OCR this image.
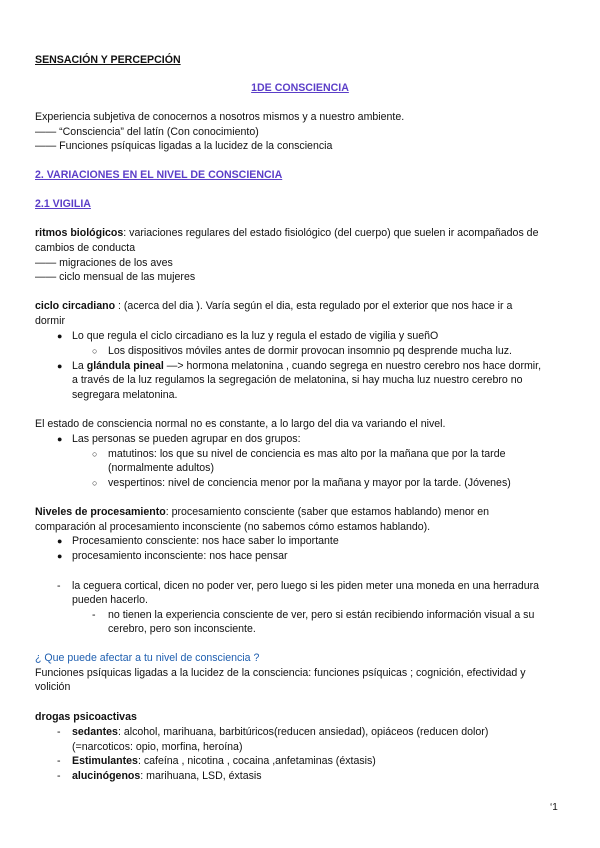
SENSACIÓN Y PERCEPCIÓN
1DE CONSCIENCIA
Experiencia subjetiva de conocernos a nosotros mismos y a nuestro ambiente.
—— “Consciencia” del latín (Con conocimiento)
—— Funciones psíquicas ligadas a la lucidez de la consciencia
2. VARIACIONES EN EL NIVEL DE CONSCIENCIA
2.1 VIGILIA
ritmos biológicos: variaciones regulares del estado fisiológico (del cuerpo) que suelen ir acompañados de
cambios de conducta
—— migraciones de los aves
—— ciclo mensual de las mujeres
ciclo circadiano : (acerca del dia ). Varía según el dia, esta regulado por el exterior que nos hace ir a
dormir
● Lo que regula el ciclo circadiano es la luz y regula el estado de vigilia y sueñO
○ Los dispositivos móviles antes de dormir provocan insomnio pq desprende mucha luz.
● La glándula pineal —> hormona melatonina , cuando segrega en nuestro cerebro nos hace dormir,
a través de la luz regulamos la segregación de melatonina, si hay mucha luz nuestro cerebro no
segregara melatonina.
El estado de consciencia normal no es constante, a lo largo del dia va variando el nivel.
● Las personas se pueden agrupar en dos grupos:
○ matutinos: los que su nivel de conciencia es mas alto por la mañana que por la tarde
(normalmente adultos)
○ vespertinos: nivel de conciencia menor por la mañana y mayor por la tarde. (Jóvenes)
Niveles de procesamiento: procesamiento consciente (saber que estamos hablando) menor en
comparación al procesamiento inconsciente (no sabemos cómo estamos hablando).
● Procesamiento consciente: nos hace saber lo importante
● procesamiento inconsciente: nos hace pensar
- la ceguera cortical, dicen no poder ver, pero luego si les piden meter una moneda en una herradura
pueden hacerlo.
- no tienen la experiencia consciente de ver, pero si están recibiendo información visual a su
cerebro, pero son inconsciente.
¿ Que puede afectar a tu nivel de consciencia ?
Funciones psíquicas ligadas a la lucidez de la consciencia: funciones psíquicas ; cognición, efectividad y
volición
drogas psicoactivas
- sedantes: alcohol, marihuana, barbitúricos(reducen ansiedad), opiáceos (reducen dolor)
(=narcoticos: opio, morfina, heroína)
- Estimulantes: cafeína , nicotina , cocaina ,anfetaminas (éxtasis)
- alucinógenos: marihuana, LSD, éxtasis
‘1
